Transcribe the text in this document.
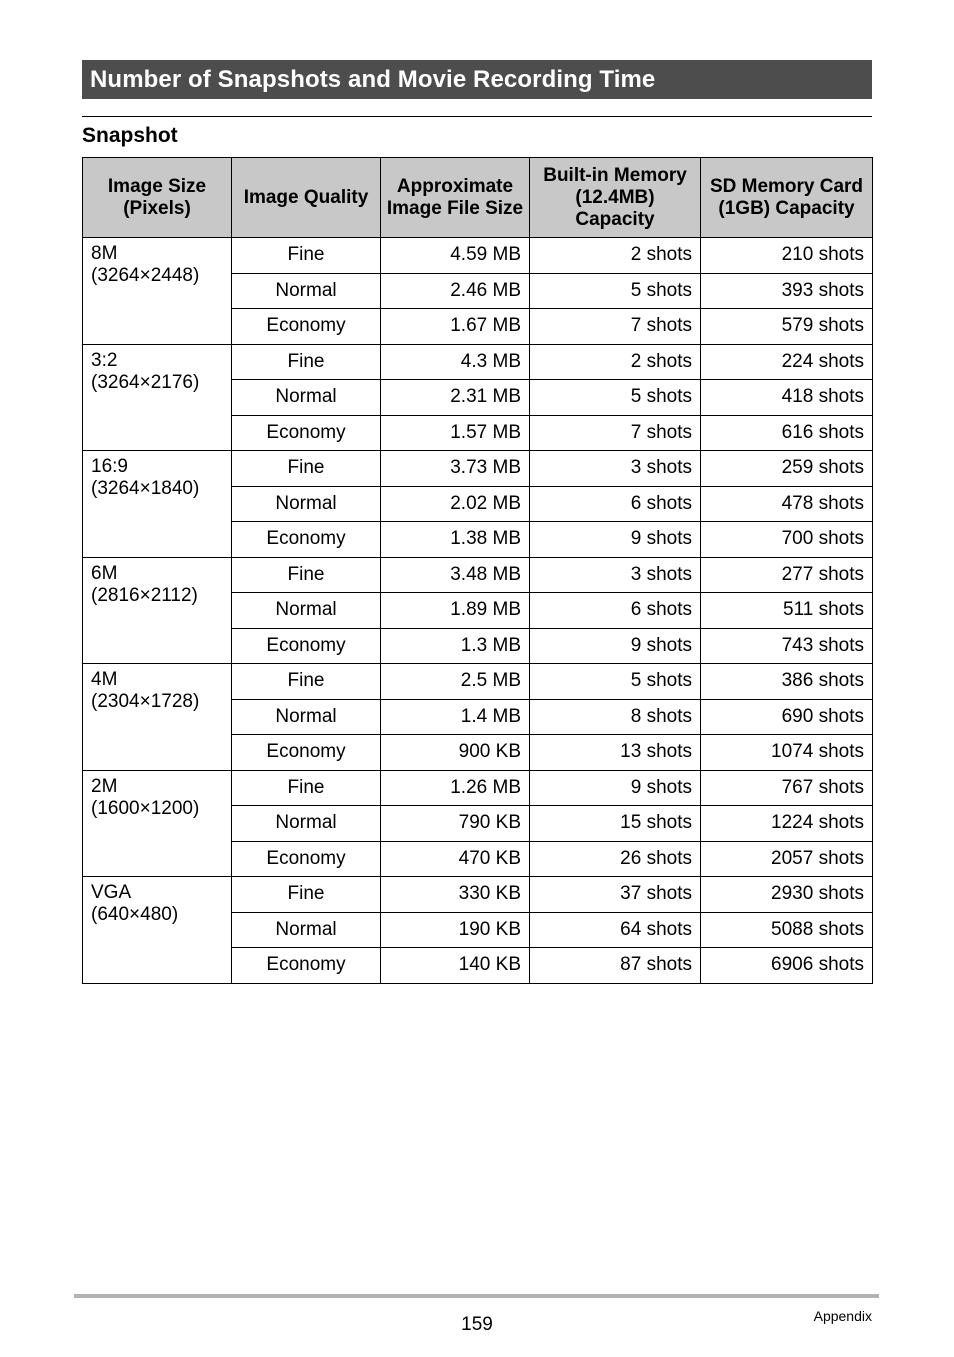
Number of Snapshots and Movie Recording Time
Snapshot
Image Size (Pixels)	Image Quality	Approximate Image File Size	Built-in Memory (12.4MB) Capacity	SD Memory Card (1GB) Capacity

8M
(3264×2448)	Fine	4.59 MB	2 shots	210 shots
	Normal	2.46 MB	5 shots	393 shots
	Economy	1.67 MB	7 shots	579 shots

3:2
(3264×2176)	Fine	4.3 MB	2 shots	224 shots
	Normal	2.31 MB	5 shots	418 shots
	Economy	1.57 MB	7 shots	616 shots

16:9
(3264×1840)	Fine	3.73 MB	3 shots	259 shots
	Normal	2.02 MB	6 shots	478 shots
	Economy	1.38 MB	9 shots	700 shots

6M
(2816×2112)	Fine	3.48 MB	3 shots	277 shots
	Normal	1.89 MB	6 shots	511 shots
	Economy	1.3 MB	9 shots	743 shots

4M
(2304×1728)	Fine	2.5 MB	5 shots	386 shots
	Normal	1.4 MB	8 shots	690 shots
	Economy	900 KB	13 shots	1074 shots

2M
(1600×1200)	Fine	1.26 MB	9 shots	767 shots
	Normal	790 KB	15 shots	1224 shots
	Economy	470 KB	26 shots	2057 shots

VGA
(640×480)	Fine	330 KB	37 shots	2930 shots
	Normal	190 KB	64 shots	5088 shots
	Economy	140 KB	87 shots	6906 shots
159	Appendix
